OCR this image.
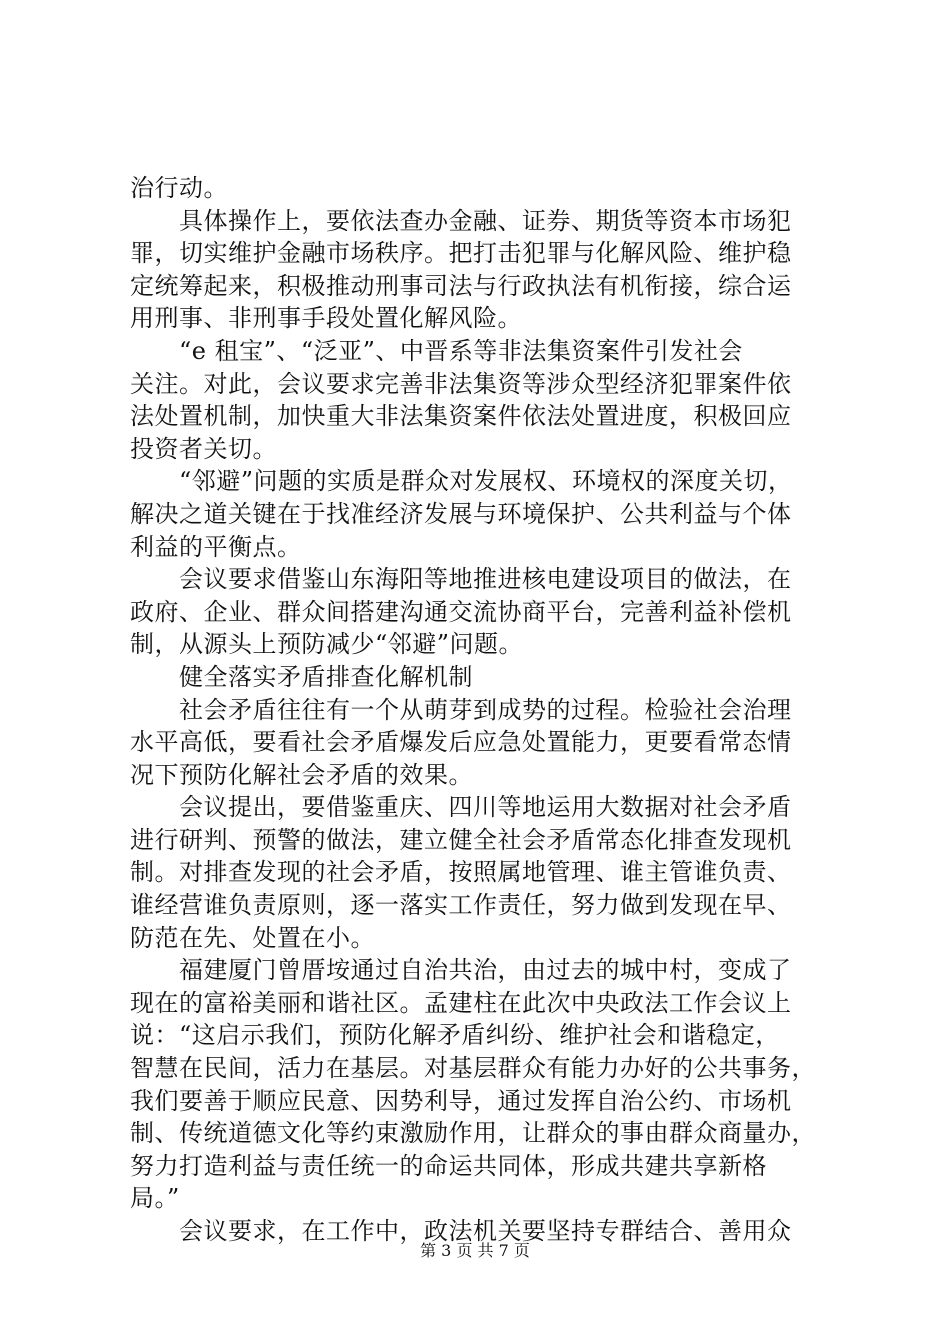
治行动。
　　具体操作上，要依法查办金融、证券、期货等资本市场犯
罪，切实维护金融市场秩序。把打击犯罪与化解风险、维护稳
定统筹起来，积极推动刑事司法与行政执法有机衔接，综合运
用刑事、非刑事手段处置化解风险。
　　“e 租宝”、“泛亚”、中晋系等非法集资案件引发社会
关注。对此，会议要求完善非法集资等涉众型经济犯罪案件依
法处置机制，加快重大非法集资案件依法处置进度，积极回应
投资者关切。
　　“邻避”问题的实质是群众对发展权、环境权的深度关切，
解决之道关键在于找准经济发展与环境保护、公共利益与个体
利益的平衡点。
　　会议要求借鉴山东海阳等地推进核电建设项目的做法，在
政府、企业、群众间搭建沟通交流协商平台，完善利益补偿机
制，从源头上预防减少“邻避”问题。
　　健全落实矛盾排查化解机制
　　社会矛盾往往有一个从萌芽到成势的过程。检验社会治理
水平高低，要看社会矛盾爆发后应急处置能力，更要看常态情
况下预防化解社会矛盾的效果。
　　会议提出，要借鉴重庆、四川等地运用大数据对社会矛盾
进行研判、预警的做法，建立健全社会矛盾常态化排查发现机
制。对排查发现的社会矛盾，按照属地管理、谁主管谁负责、
谁经营谁负责原则，逐一落实工作责任，努力做到发现在早、
防范在先、处置在小。
　　福建厦门曾厝垵通过自治共治，由过去的城中村，变成了
现在的富裕美丽和谐社区。孟建柱在此次中央政法工作会议上
说：“这启示我们，预防化解矛盾纠纷、维护社会和谐稳定，
智慧在民间，活力在基层。对基层群众有能力办好的公共事务，
我们要善于顺应民意、因势利导，通过发挥自治公约、市场机
制、传统道德文化等约束激励作用，让群众的事由群众商量办，
努力打造利益与责任统一的命运共同体，形成共建共享新格
局。”
　　会议要求，在工作中，政法机关要坚持专群结合、善用众
第 3 页 共 7 页
